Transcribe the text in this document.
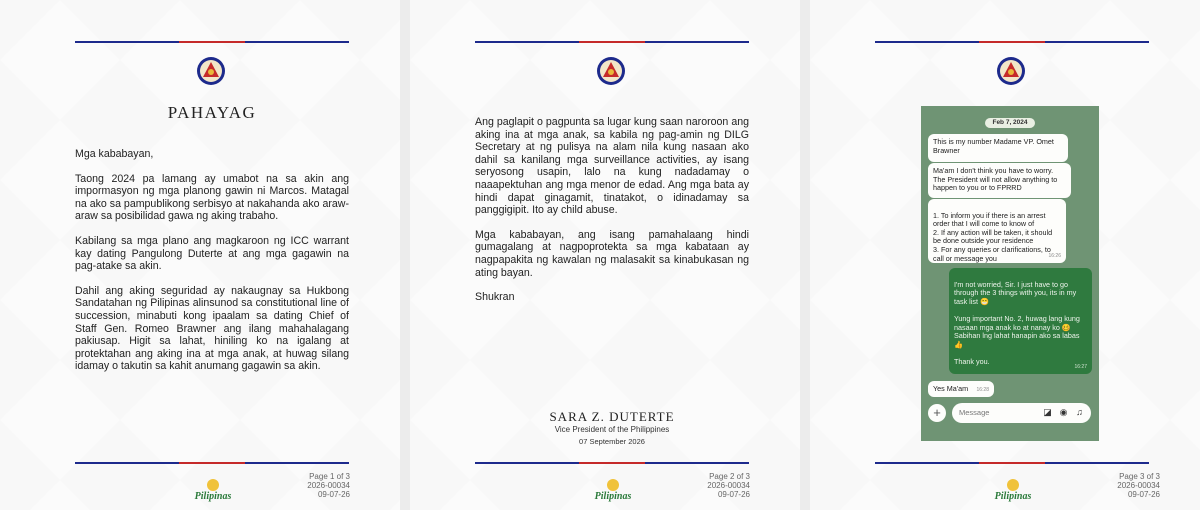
PAHAYAG

Mga kababayan,

Taong 2024 pa lamang ay umabot na sa akin ang impormasyon ng mga planong gawin ni Marcos. Matagal na ako sa pampublikong serbisyo at nakahanda ako araw-araw sa posibilidad gawa ng aking trabaho.

Kabilang sa mga plano ang magkaroon ng ICC warrant kay dating Pangulong Duterte at ang mga gagawin na pag-atake sa akin.

Dahil ang aking seguridad ay nakaugnay sa Hukbong Sandatahan ng Pilipinas alinsunod sa constitutional line of succession, minabuti kong ipaalam sa dating Chief of Staff Gen. Romeo Brawner ang ilang mahahalagang pakiusap. Higit sa lahat, hiniling ko na igalang at protektahan ang aking ina at mga anak, at huwag silang idamay o takutin sa kahit anumang gagawin sa akin.

Pilipinas
Page 1 of 3
2026-00034
09-07-26

Ang paglapit o pagpunta sa lugar kung saan naroroon ang aking ina at mga anak, sa kabila ng pag-amin ng DILG Secretary at ng pulisya na alam nila kung nasaan ako dahil sa kanilang mga surveillance activities, ay isang seryosong usapin, lalo na kung nadadamay o naaapektuhan ang mga menor de edad. Ang mga bata ay hindi dapat ginagamit, tinatakot, o idinadamay sa panggigipit. Ito ay child abuse.

Mga kababayan, ang isang pamahalaang hindi gumagalang at nagpoprotekta sa mga kabataan ay nagpapakita ng kawalan ng malasakit sa kinabukasan ng ating bayan.

Shukran

SARA Z. DUTERTE
Vice President of the Philippines
07 September 2026
Pilipinas
Page 2 of 3
2026-00034
09-07-26
Feb 7, 2024
This is my number Madame VP. Omet Brawner
Ma'am I don't think you have to worry. The President will not allow anything to happen to you or to FPRRD

1. To inform you if there is an arrest order that I will come to know of
2. If any action will be taken, it should be done outside your residence
3. For any queries or clarifications, to call or message you	16:26

I'm not worried, Sir. I just have to go through the 3 things with you, its in my task list 😁

Yung important No. 2, huwag lang kung nasaan mga anak ko at nanay ko 🥴 Sabihan lng lahat hanapin ako sa labas 👍

Thank you.

16:27

Yes Ma'am 16:28
+	Message	◪ ◉ ♫
Pilipinas
Page 3 of 3
2026-00034
09-07-26
